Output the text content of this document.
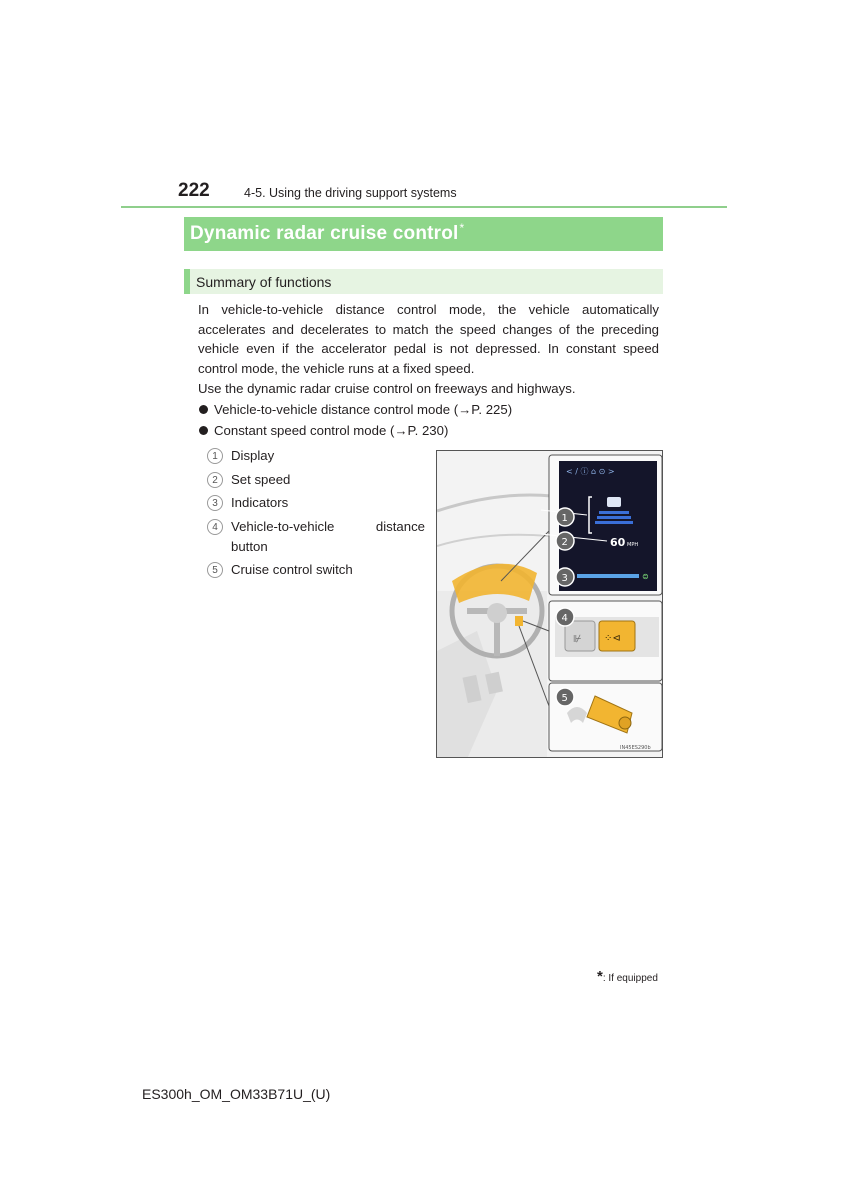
222	4-5. Using the driving support systems
Dynamic radar cruise control *
Summary of functions

In vehicle-to-vehicle distance control mode, the vehicle automatically accelerates and decelerates to match the speed changes of the preceding vehicle even if the accelerator pedal is not depressed. In constant speed control mode, the vehicle runs at a fixed speed.

Use the dynamic radar cruise control on freeways and highways.
Vehicle-to-vehicle distance control mode (→P. 225)
Constant speed control mode (→P. 230)
1	Display
2	Set speed
3	Indicators
4	Vehicle-to-vehicle distance button
5	Cruise control switch
< / ⓘ ⌂ ⊙ >
60 MPH
⊜
⊮ ⁘⊲
IN45ES290b
1
2
3
4
5
*: If equipped
ES300h_OM_OM33B71U_(U)
